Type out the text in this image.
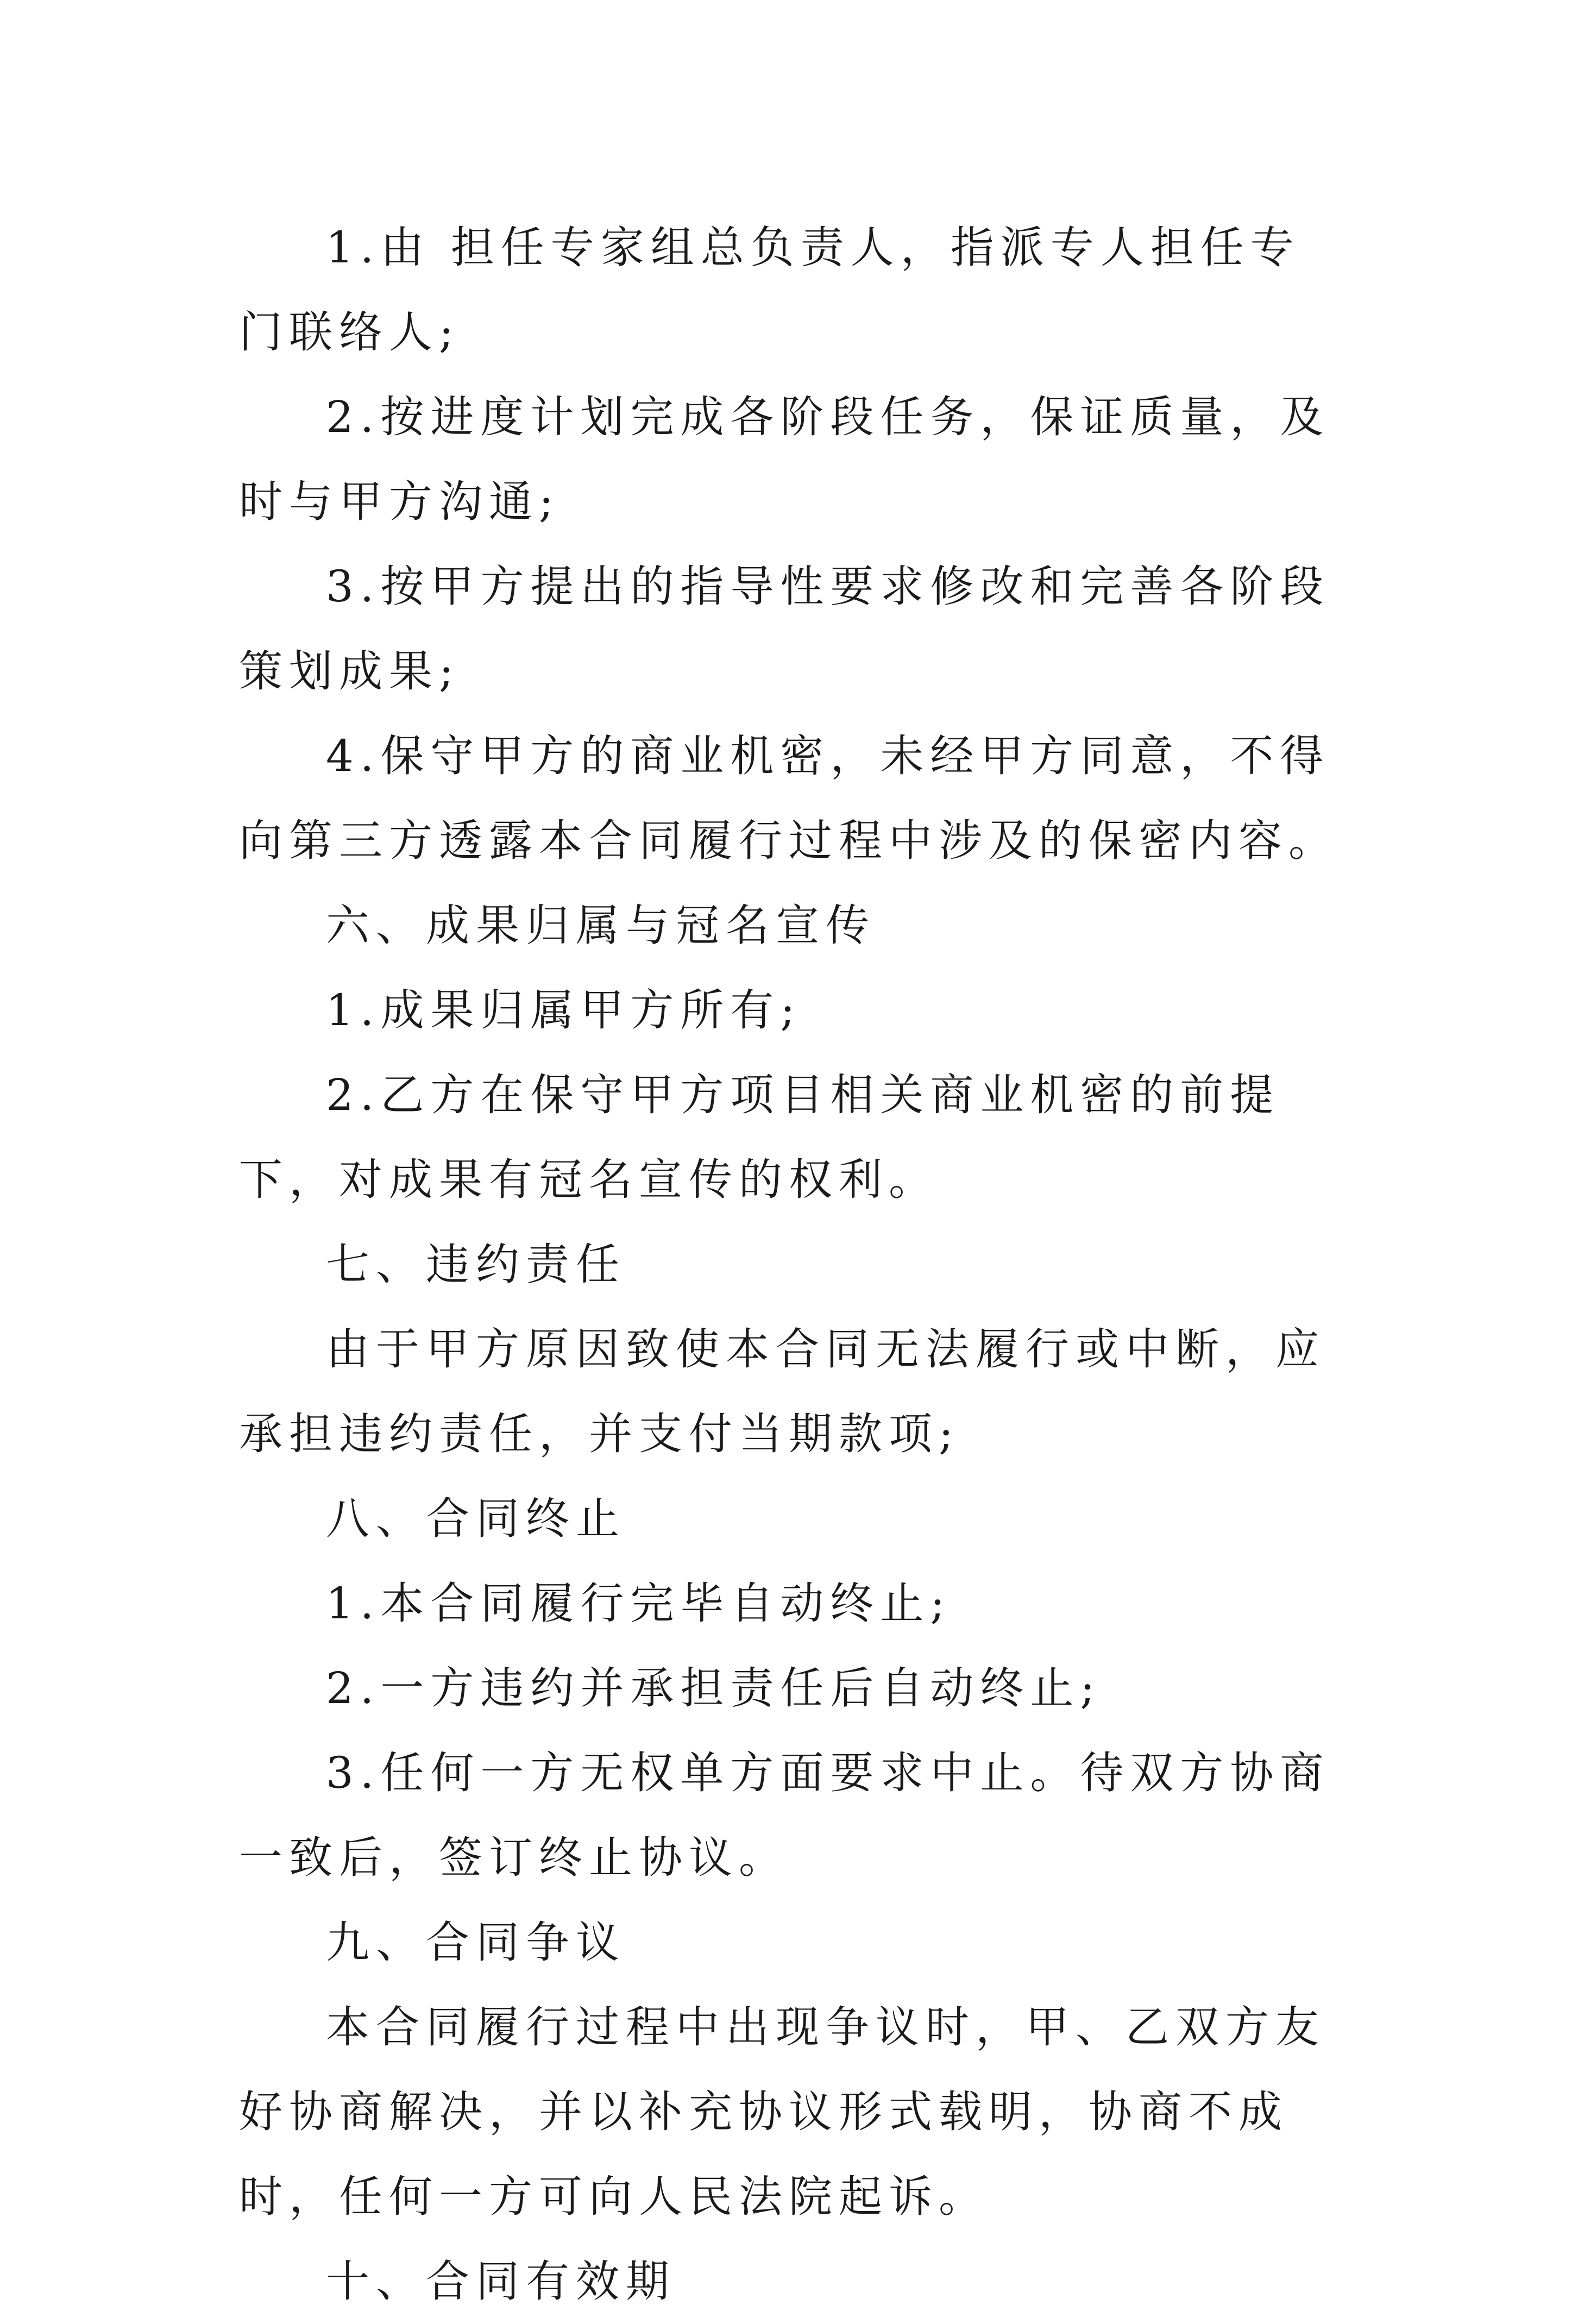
1.由 担任专家组总负责人，指派专人担任专门联络人;

2.按进度计划完成各阶段任务，保证质量，及时与甲方沟通;

3.按甲方提出的指导性要求修改和完善各阶段策划成果;

4.保守甲方的商业机密，未经甲方同意，不得向第三方透露本合同履行过程中涉及的保密内容。

六、成果归属与冠名宣传

1.成果归属甲方所有;

2.乙方在保守甲方项目相关商业机密的前提下，对成果有冠名宣传的权利。

七、违约责任

由于甲方原因致使本合同无法履行或中断，应承担违约责任，并支付当期款项;

八、合同终止

1.本合同履行完毕自动终止;

2.一方违约并承担责任后自动终止;

3.任何一方无权单方面要求中止。待双方协商一致后，签订终止协议。

九、合同争议

本合同履行过程中出现争议时，甲、乙双方友好协商解决，并以补充协议形式载明，协商不成时，任何一方可向人民法院起诉。

十、合同有效期
